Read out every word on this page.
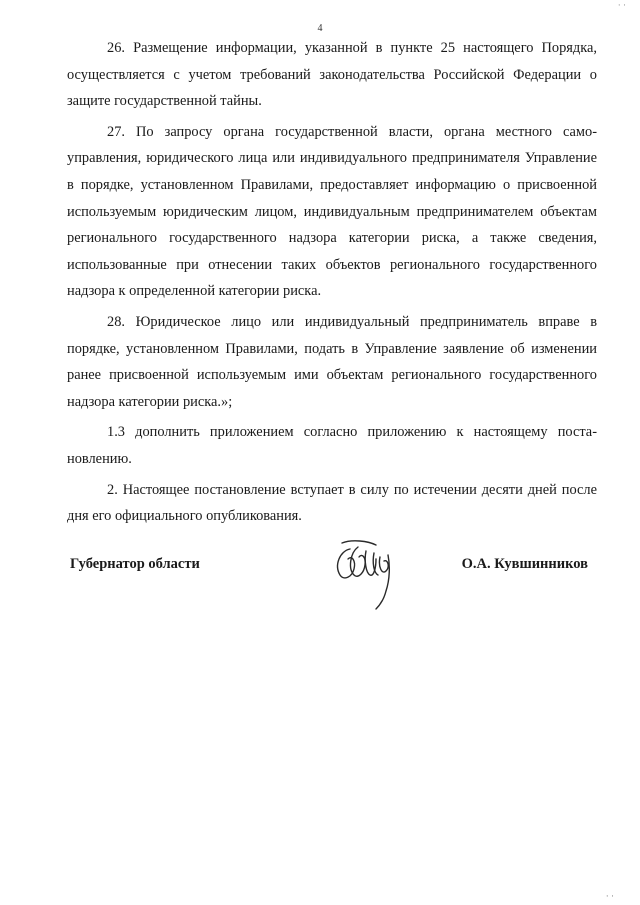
· ·
4

26. Размещение информации, указанной в пункте 25 настоящего Порядка, осуществляется с учетом требований законодательства Российской Федерации о защите государственной тайны.

27. По запросу органа государственной власти, органа местного самоуправления, юридического лица или индивидуального предпринимателя Управление в порядке, установленном Правилами, предоставляет информацию о присвоенной используемым юридическим лицом, индивидуальным предпринимателем объектам регионального государственного надзора категории риска, а также сведения, использованные при отнесении таких объектов регионального государственного надзора к определенной категории риска.

28. Юридическое лицо или индивидуальный предприниматель вправе в порядке, установленном Правилами, подать в Управление заявление об изменении ранее присвоенной используемым ими объектам регионального государственного надзора категории риска.»;

1.3 дополнить приложением согласно приложению к настоящему постановлению.

2. Настоящее постановление вступает в силу по истечении десяти дней после дня его официального опубликования.

Губернатор области	О.А. Кувшинников
· ·
